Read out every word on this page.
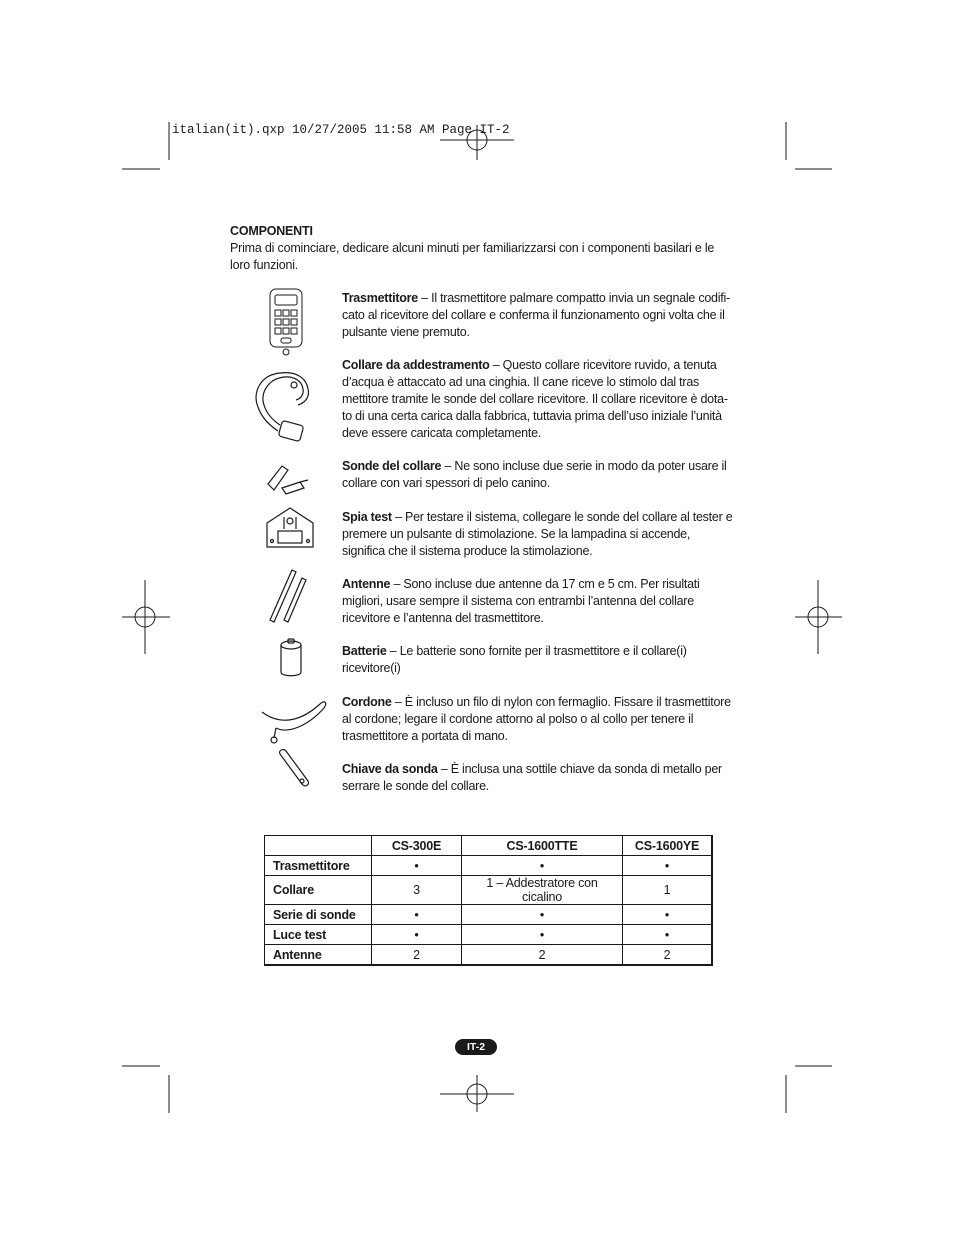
italian(it).qxp 10/27/2005 11:58 AM Page IT-2
COMPONENTI
Prima di cominciare, dedicare alcuni minuti per familiarizzarsi con i componenti basilari e le loro funzioni.
Trasmettitore – Il trasmettitore palmare compatto invia un segnale codifi-cato al ricevitore del collare e conferma il funzionamento ogni volta che il pulsante viene premuto.
Collare da addestramento – Questo collare ricevitore ruvido, a tenuta d’acqua è attaccato ad una cinghia. Il cane riceve lo stimolo dal tras mettitore tramite le sonde del collare ricevitore. Il collare ricevitore è dota-to di una certa carica dalla fabbrica, tuttavia prima dell’uso iniziale l’unità deve essere caricata completamente.
Sonde del collare – Ne sono incluse due serie in modo da poter usare il collare con vari spessori di pelo canino.
Spia test – Per testare il sistema, collegare le sonde del collare al tester e premere un pulsante di stimolazione. Se la lampadina si accende, significa che il sistema produce la stimolazione.
Antenne – Sono incluse due antenne da 17 cm e 5 cm. Per risultati migliori, usare sempre il sistema con entrambi l’antenna del collare ricevitore e l’antenna del trasmettitore.
Batterie – Le batterie sono fornite per il trasmettitore e il collare(i) ricevitore(i)
Cordone – È incluso un filo di nylon con fermaglio. Fissare il trasmettitore al cordone; legare il cordone attorno al polso o al collo per tenere il trasmettitore a portata di mano.
Chiave da sonda – È inclusa una sottile chiave da sonda di metallo per serrare le sonde del collare.
	CS-300E	CS-1600TTE	CS-1600YE
Trasmettitore	•	•	•
Collare	3	1 – Addestratore con cicalino	1
Serie di sonde	•	•	•
Luce test	•	•	•
Antenne	2	2	2
IT-2
